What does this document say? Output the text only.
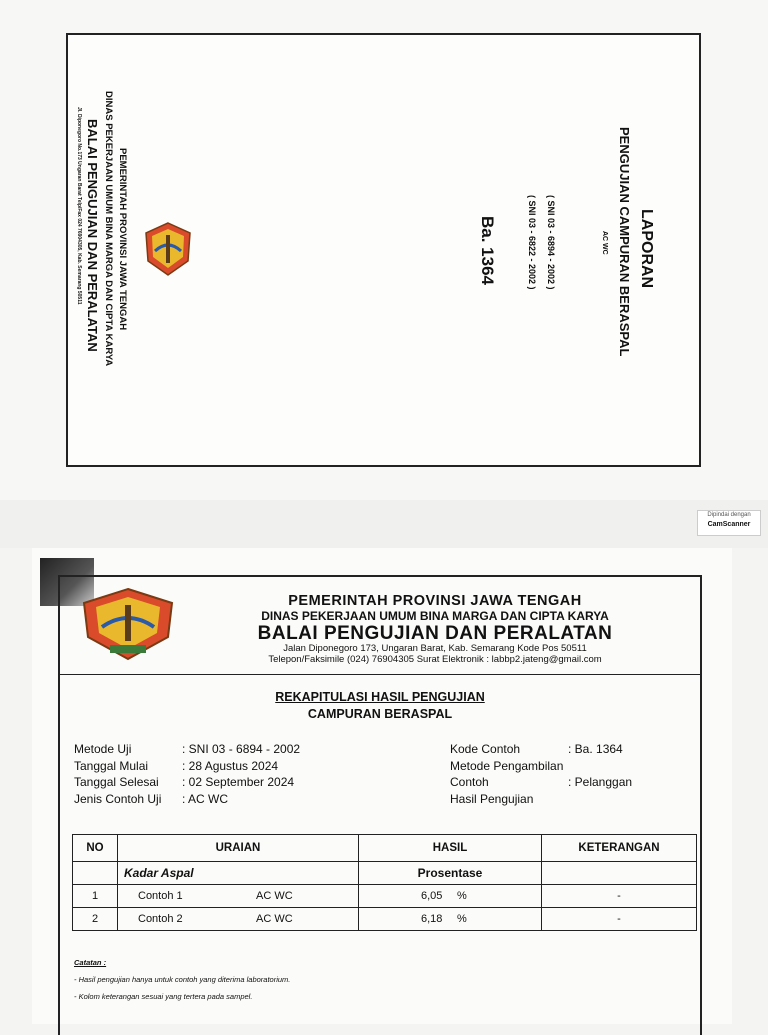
LAPORAN
PENGUJIAN CAMPURAN BERASPAL
AC WC
( SNI 03 - 6894 - 2002 )
( SNI 03 - 6822 - 2002 )
Ba. 1364
PEMERINTAH PROVINSI JAWA TENGAH
DINAS PEKERJAAN UMUM BINA MARGA DAN CIPTA KARYA
BALAI PENGUJIAN DAN PERALATAN
Jl. Diponegoro No.173 Ungaran Barat Telp/Fax 024 76904305, Kab. Semarang 50511
Dipindai dengan
CamScanner
PEMERINTAH PROVINSI JAWA TENGAH
DINAS PEKERJAAN UMUM BINA MARGA DAN CIPTA KARYA
BALAI PENGUJIAN DAN PERALATAN
Jalan Diponegoro 173, Ungaran Barat, Kab. Semarang Kode Pos 50511
Telepon/Faksimile (024) 76904305 Surat Elektronik : labbp2.jateng@gmail.com
REKAPITULASI HASIL PENGUJIAN
CAMPURAN BERASPAL
Metode Uji	: SNI 03 - 6894 - 2002
Tanggal Mulai	: 28 Agustus 2024
Tanggal Selesai : 02 September 2024
Jenis Contoh Uji : AC WC
Kode Contoh	: Ba. 1364
Metode Pengambilan
Contoh	: Pelanggan
Hasil Pengujian
NO	URAIAN	HASIL	KETERANGAN
	Kadar Aspal	Prosentase	
1	Contoh 1 AC WC	6,05 %	-
2	Contoh 2 AC WC	6,18 %	-
Catatan :
- Hasil pengujian hanya untuk contoh yang diterima laboratorium.
- Kolom keterangan sesuai yang tertera pada sampel.
